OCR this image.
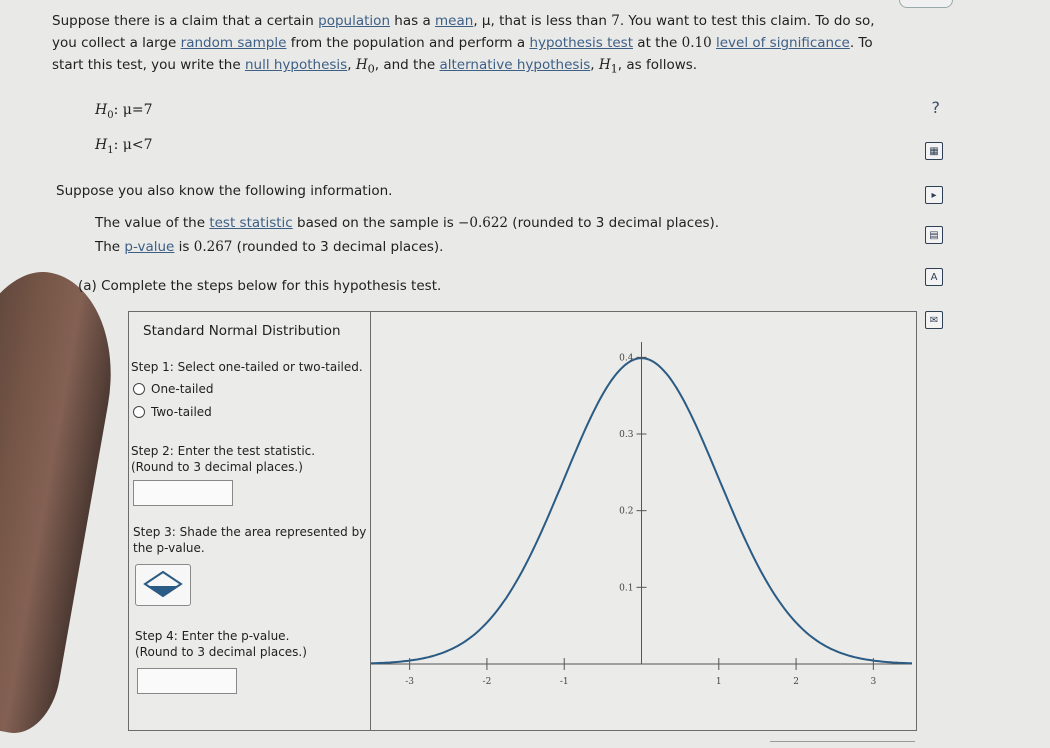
Suppose there is a claim that a certain population has a mean, μ, that is less than 7. You want to test this claim. To do so,
you collect a large random sample from the population and perform a hypothesis test at the 0.10 level of significance. To
start this test, you write the null hypothesis, $H_0$, and the alternative hypothesis, $H_1$, as follows.
$H_0$: μ=7
$H_1$: μ<7
Suppose you also know the following information.
The value of the test statistic based on the sample is −0.622 (rounded to 3 decimal places).
The p-value is 0.267 (rounded to 3 decimal places).
(a) Complete the steps below for this hypothesis test.
?
▦
▸
▤
A
✉
Standard Normal Distribution
Step 1: Select one-tailed or two-tailed.
One-tailed
Two-tailed
Step 2: Enter the test statistic.
(Round to 3 decimal places.)
Step 3: Shade the area represented by
the p-value.
Step 4: Enter the p-value.
(Round to 3 decimal places.)
-3	-2	-1	1	2	3
0.1
0.2
0.3
0.4
